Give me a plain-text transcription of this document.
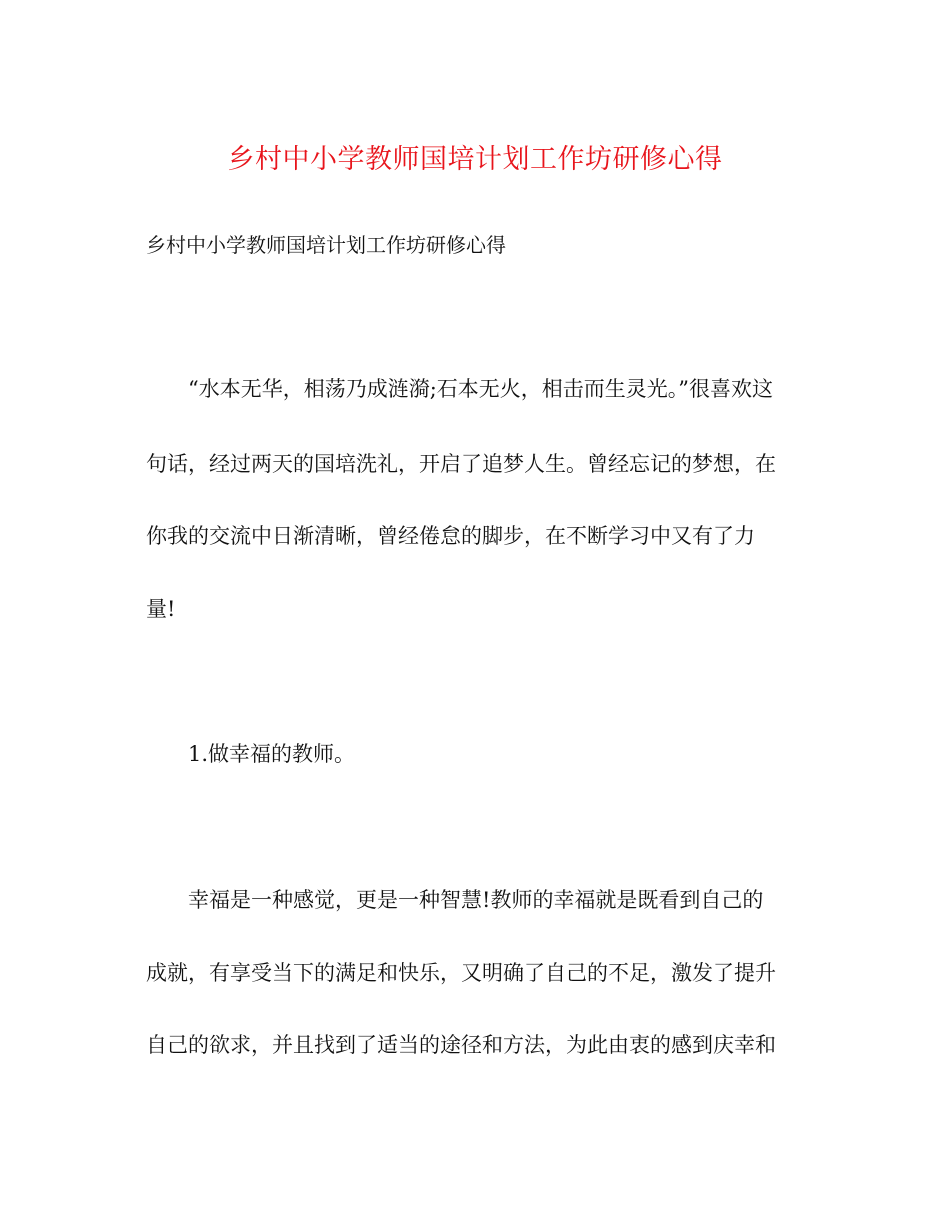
乡村中小学教师国培计划工作坊研修心得
乡村中小学教师国培计划工作坊研修心得
“水本无华，相荡乃成涟漪;石本无火，相击而生灵光。”很喜欢这
句话，经过两天的国培洗礼，开启了追梦人生。曾经忘记的梦想，在
你我的交流中日渐清晰，曾经倦怠的脚步，在不断学习中又有了力
量!
1.做幸福的教师。
幸福是一种感觉，更是一种智慧!教师的幸福就是既看到自己的
成就，有享受当下的满足和快乐，又明确了自己的不足，激发了提升
自己的欲求，并且找到了适当的途径和方法，为此由衷的感到庆幸和
